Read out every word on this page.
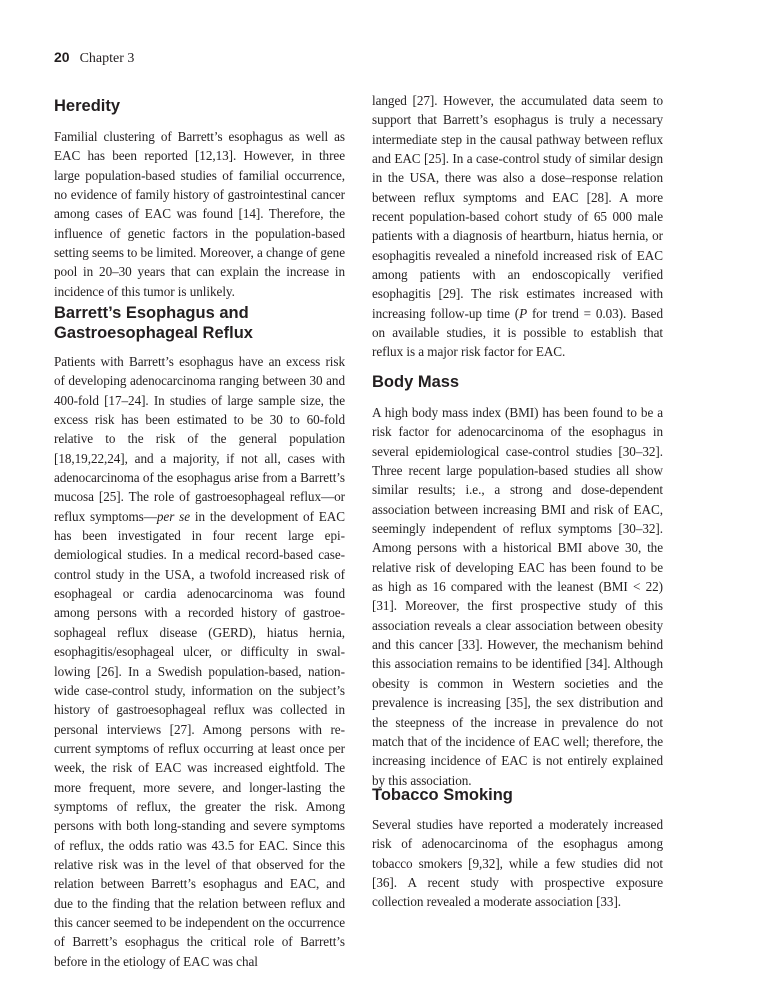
20 Chapter 3
Heredity

Familial clustering of Barrett’s esophagus as well as EAC has been reported [12,13]. However, in three large population-based studies of familial occurrence, no evidence of family history of gastrointestinal cancer among cases of EAC was found [14]. Therefore, the influence of genetic factors in the population-based setting seems to be limited. Moreover, a change of gene pool in 20–30 years that can explain the increase in incidence of this tumor is unlikely.

Barrett’s Esophagus and Gastroesophageal Reflux

Patients with Barrett’s esophagus have an excess risk of developing adenocarcinoma ranging between 30 and 400-fold [17–24]. In studies of large sample size, the excess risk has been estimated to be 30 to 60-fold relative to the risk of the general population [18,19,22,24], and a majority, if not all, cases with adenocarcinoma of the esophagus arise from a Barrett’s mucosa [25]. The role of gastroesophageal reflux—or reflux symptoms—per se in the development of EAC has been investigated in four recent large epidemiological studies. In a medical record-based case-control study in the USA, a twofold increased risk of esophageal or cardia adenocarcinoma was found among persons with a recorded history of gastroesophageal reflux disease (GERD), hiatus hernia, esophagitis/esophageal ulcer, or difficulty in swallowing [26]. In a Swedish population-based, nationwide case-control study, information on the subject’s history of gastroesophageal reflux was collected in personal interviews [27]. Among persons with recurrent symptoms of reflux occurring at least once per week, the risk of EAC was increased eightfold. The more frequent, more severe, and longer-lasting the symptoms of reflux, the greater the risk. Among persons with both long-standing and severe symptoms of reflux, the odds ratio was 43.5 for EAC. Since this relative risk was in the level of that observed for the relation between Barrett’s esophagus and EAC, and due to the finding that the relation between reflux and this cancer seemed to be independent on the occurrence of Barrett’s esophagus the critical role of Barrett’s before in the etiology of EAC was chal

langed [27]. However, the accumulated data seem to support that Barrett’s esophagus is truly a necessary intermediate step in the causal pathway between reflux and EAC [25]. In a case-control study of similar design in the USA, there was also a dose–response relation between reflux symptoms and EAC [28]. A more recent population-based cohort study of 65 000 male patients with a diagnosis of heartburn, hiatus hernia, or esophagitis revealed a ninefold increased risk of EAC among patients with an endoscopically verified esophagitis [29]. The risk estimates increased with increasing follow-up time (P for trend = 0.03). Based on available studies, it is possible to establish that reflux is a major risk factor for EAC.

Body Mass

A high body mass index (BMI) has been found to be a risk factor for adenocarcinoma of the esophagus in several epidemiological case-control studies [30–32]. Three recent large population-based studies all show similar results; i.e., a strong and dose-dependent association between increasing BMI and risk of EAC, seemingly independent of reflux symptoms [30–32]. Among persons with a historical BMI above 30, the relative risk of developing EAC has been found to be as high as 16 compared with the leanest (BMI < 22) [31]. Moreover, the first prospective study of this association reveals a clear association between obesity and this cancer [33]. However, the mechanism behind this association remains to be identified [34]. Although obesity is common in Western societies and the prevalence is increasing [35], the sex distribution and the steepness of the increase in prevalence do not match that of the incidence of EAC well; therefore, the increasing incidence of EAC is not entirely explained by this association.

Tobacco Smoking

Several studies have reported a moderately increased risk of adenocarcinoma of the esophagus among tobacco smokers [9,32], while a few studies did not [36]. A recent study with prospective exposure collection revealed a moderate association [33].
